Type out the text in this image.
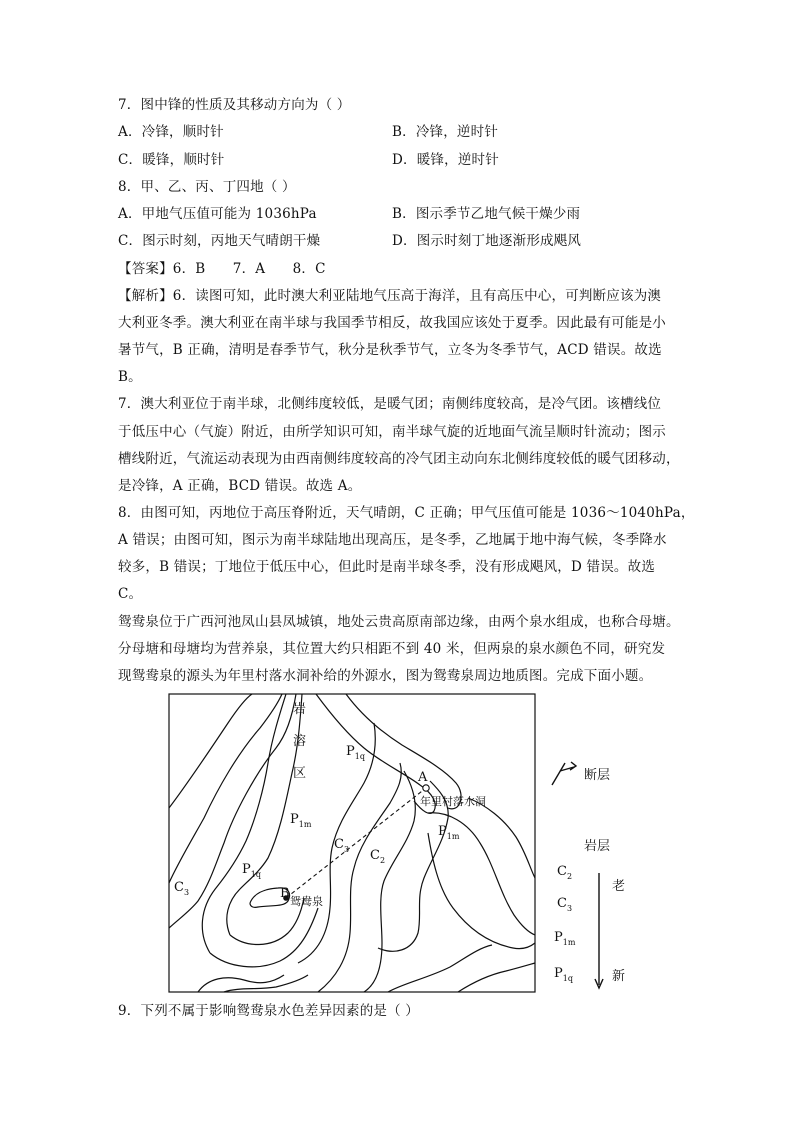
7．图中锋的性质及其移动方向为（ ）
A．冷锋，顺时针	B．冷锋，逆时针
C．暖锋，顺时针	D．暖锋，逆时针
8．甲、乙、丙、丁四地（ ）
A．甲地气压值可能为 1036hPa	B．图示季节乙地气候干燥少雨
C．图示时刻，丙地天气晴朗干燥	D．图示时刻丁地逐渐形成飓风
【答案】6．B　　7．A　　8．C
【解析】6．读图可知，此时澳大利亚陆地气压高于海洋，且有高压中心，可判断应该为澳
大利亚冬季。澳大利亚在南半球与我国季节相反，故我国应该处于夏季。因此最有可能是小
暑节气，B 正确，清明是春季节气，秋分是秋季节气，立冬为冬季节气，ACD 错误。故选
B。
7．澳大利亚位于南半球，北侧纬度较低，是暖气团；南侧纬度较高，是冷气团。该槽线位
于低压中心（气旋）附近，由所学知识可知，南半球气旋的近地面气流呈顺时针流动；图示
槽线附近，气流运动表现为由西南侧纬度较高的冷气团主动向东北侧纬度较低的暖气团移动，
是冷锋，A 正确，BCD 错误。故选 A。
8．由图可知，丙地位于高压脊附近，天气晴朗，C 正确；甲气压值可能是 1036～1040hPa，
A 错误；由图可知，图示为南半球陆地出现高压，是冬季，乙地属于地中海气候，冬季降水
较多，B 错误；丁地位于低压中心，但此时是南半球冬季，没有形成飓风，D 错误。故选
C。
鸳鸯泉位于广西河池凤山县凤城镇，地处云贵高原南部边缘，由两个泉水组成，也称合母塘。
分母塘和母塘均为营养泉，其位置大约只相距不到 40 米，但两泉的泉水颜色不同，研究发
现鸳鸯泉的源头为年里村落水洞补给的外源水，图为鸳鸯泉周边地质图。完成下面小题。
岩
溶
区
$P_{1q}$
$P_{1m}$
$C_3$ $C_2$
$P_{1m}$
$C_3$
$P_{1q}$
A
B
年里村落水洞
鸳鸯泉
断层
岩层
老
新
$C_2$
$C_3$
$P_{1m}$
$P_{1q}$
9．下列不属于影响鸳鸯泉水色差异因素的是（ ）
